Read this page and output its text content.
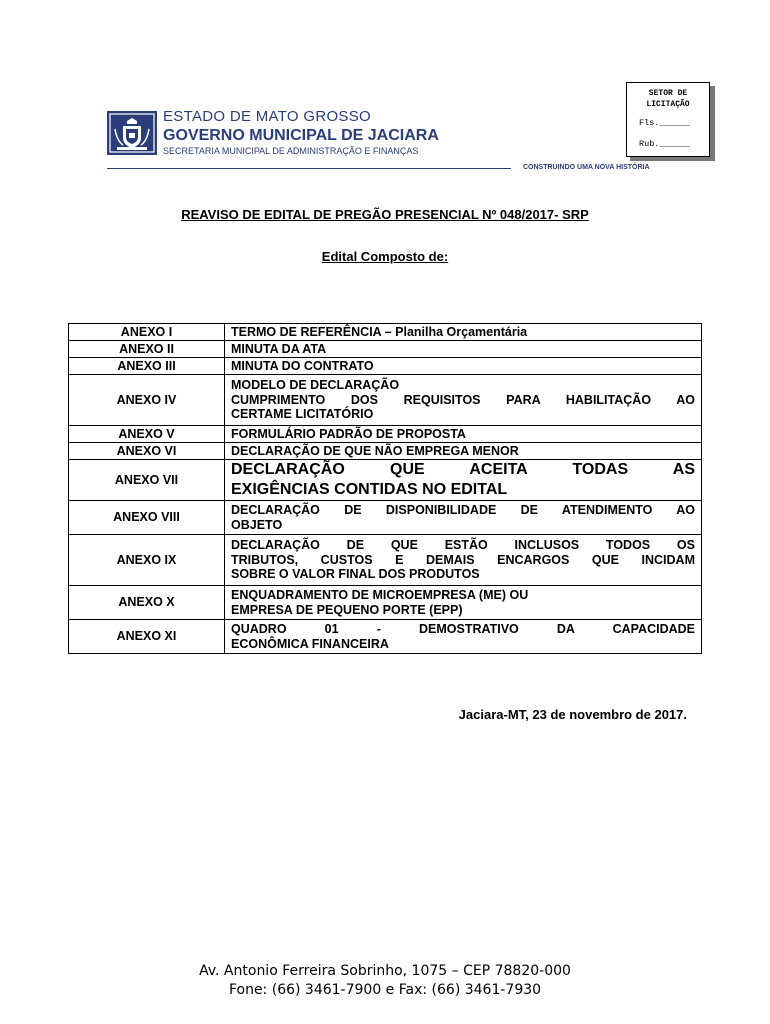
ESTADO DE MATO GROSSO
GOVERNO MUNICIPAL DE JACIARA
SECRETARIA MUNICIPAL DE ADMINISTRAÇÃO E FINANÇAS
CONSTRUINDO UMA NOVA HISTÓRIA
SETOR DE
LICITAÇÃO
Fls.______
Rub.______
REAVISO DE EDITAL DE PREGÃO PRESENCIAL Nº 048/2017- SRP
Edital Composto de:
ANEXO I	TERMO DE REFERÊNCIA – Planilha Orçamentária
ANEXO II	MINUTA DA ATA
ANEXO III	MINUTA DO CONTRATO
ANEXO IV	MODELO DE DECLARAÇÃO
CUMPRIMENTO DOS REQUISITOS PARA HABILITAÇÃO AO
CERTAME LICITATÓRIO

ANEXO V	FORMULÁRIO PADRÃO DE PROPOSTA
ANEXO VI	DECLARAÇÃO DE QUE NÃO EMPREGA MENOR
ANEXO VII	DECLARAÇÃO QUE ACEITA TODAS AS
EXIGÊNCIAS CONTIDAS NO EDITAL

ANEXO VIII	DECLARAÇÃO DE DISPONIBILIDADE DE ATENDIMENTO AO
OBJETO

ANEXO IX	DECLARAÇÃO DE QUE ESTÃO INCLUSOS TODOS OS
TRIBUTOS, CUSTOS E DEMAIS ENCARGOS QUE INCIDAM
SOBRE O VALOR FINAL DOS PRODUTOS

ANEXO X	ENQUADRAMENTO DE MICROEMPRESA (ME) OU
EMPRESA DE PEQUENO PORTE (EPP)

ANEXO XI	QUADRO 01 - DEMOSTRATIVO DA CAPACIDADE
ECONÔMICA FINANCEIRA
Jaciara-MT, 23 de novembro de 2017.
Av. Antonio Ferreira Sobrinho, 1075 – CEP 78820-000
Fone: (66) 3461-7900 e Fax: (66) 3461-7930
